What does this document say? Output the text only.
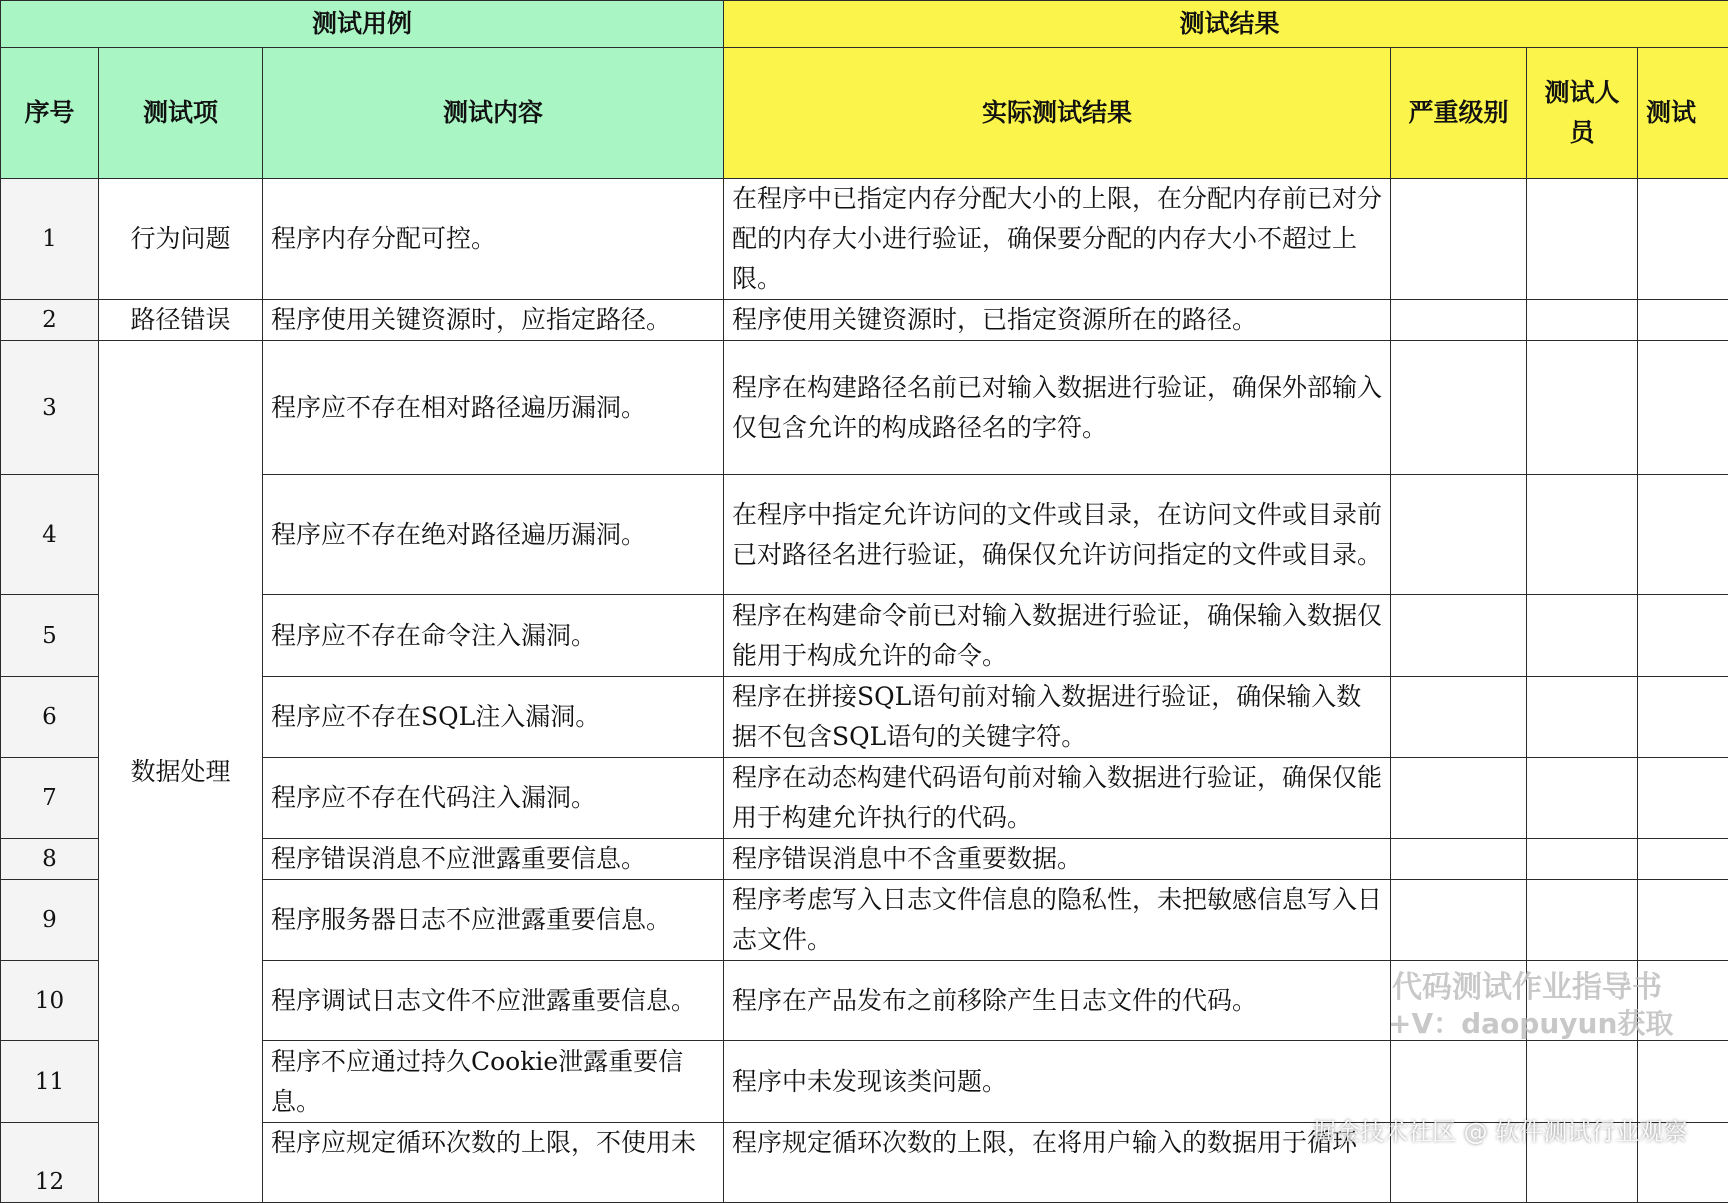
测试用例			测试结果			
序号	测试项	测试内容	实际测试结果	严重级别	测试人员	测试
1	行为问题	程序内存分配可控。	在程序中已指定内存分配大小的上限，在分配内存前已对分配的内存大小进行验证，确保要分配的内存大小不超过上限。			
2	路径错误	程序使用关键资源时，应指定路径。	程序使用关键资源时，已指定资源所在的路径。			
3	数据处理	程序应不存在相对路径遍历漏洞。	程序在构建路径名前已对输入数据进行验证，确保外部输入仅包含允许的构成路径名的字符。			
4		程序应不存在绝对路径遍历漏洞。	在程序中指定允许访问的文件或目录，在访问文件或目录前已对路径名进行验证，确保仅允许访问指定的文件或目录。			
5		程序应不存在命令注入漏洞。	程序在构建命令前已对输入数据进行验证，确保输入数据仅能用于构成允许的命令。			
6		程序应不存在SQL注入漏洞。	程序在拼接SQL语句前对输入数据进行验证，确保输入数据不包含SQL语句的关键字符。			
7		程序应不存在代码注入漏洞。	程序在动态构建代码语句前对输入数据进行验证，确保仅能用于构建允许执行的代码。			
8		程序错误消息不应泄露重要信息。	程序错误消息中不含重要数据。			
9		程序服务器日志不应泄露重要信息。	程序考虑写入日志文件信息的隐私性，未把敏感信息写入日志文件。			
10		程序调试日志文件不应泄露重要信息。	程序在产品发布之前移除产生日志文件的代码。			
11		程序不应通过持久Cookie泄露重要信息。	程序中未发现该类问题。			
12		程序应规定循环次数的上限，不使用未	程序规定循环次数的上限，在将用户输入的数据用于循环			
代码测试作业指导书
+V：daopuyun获取
掘金技术社区 @ 软件测试行业观察
